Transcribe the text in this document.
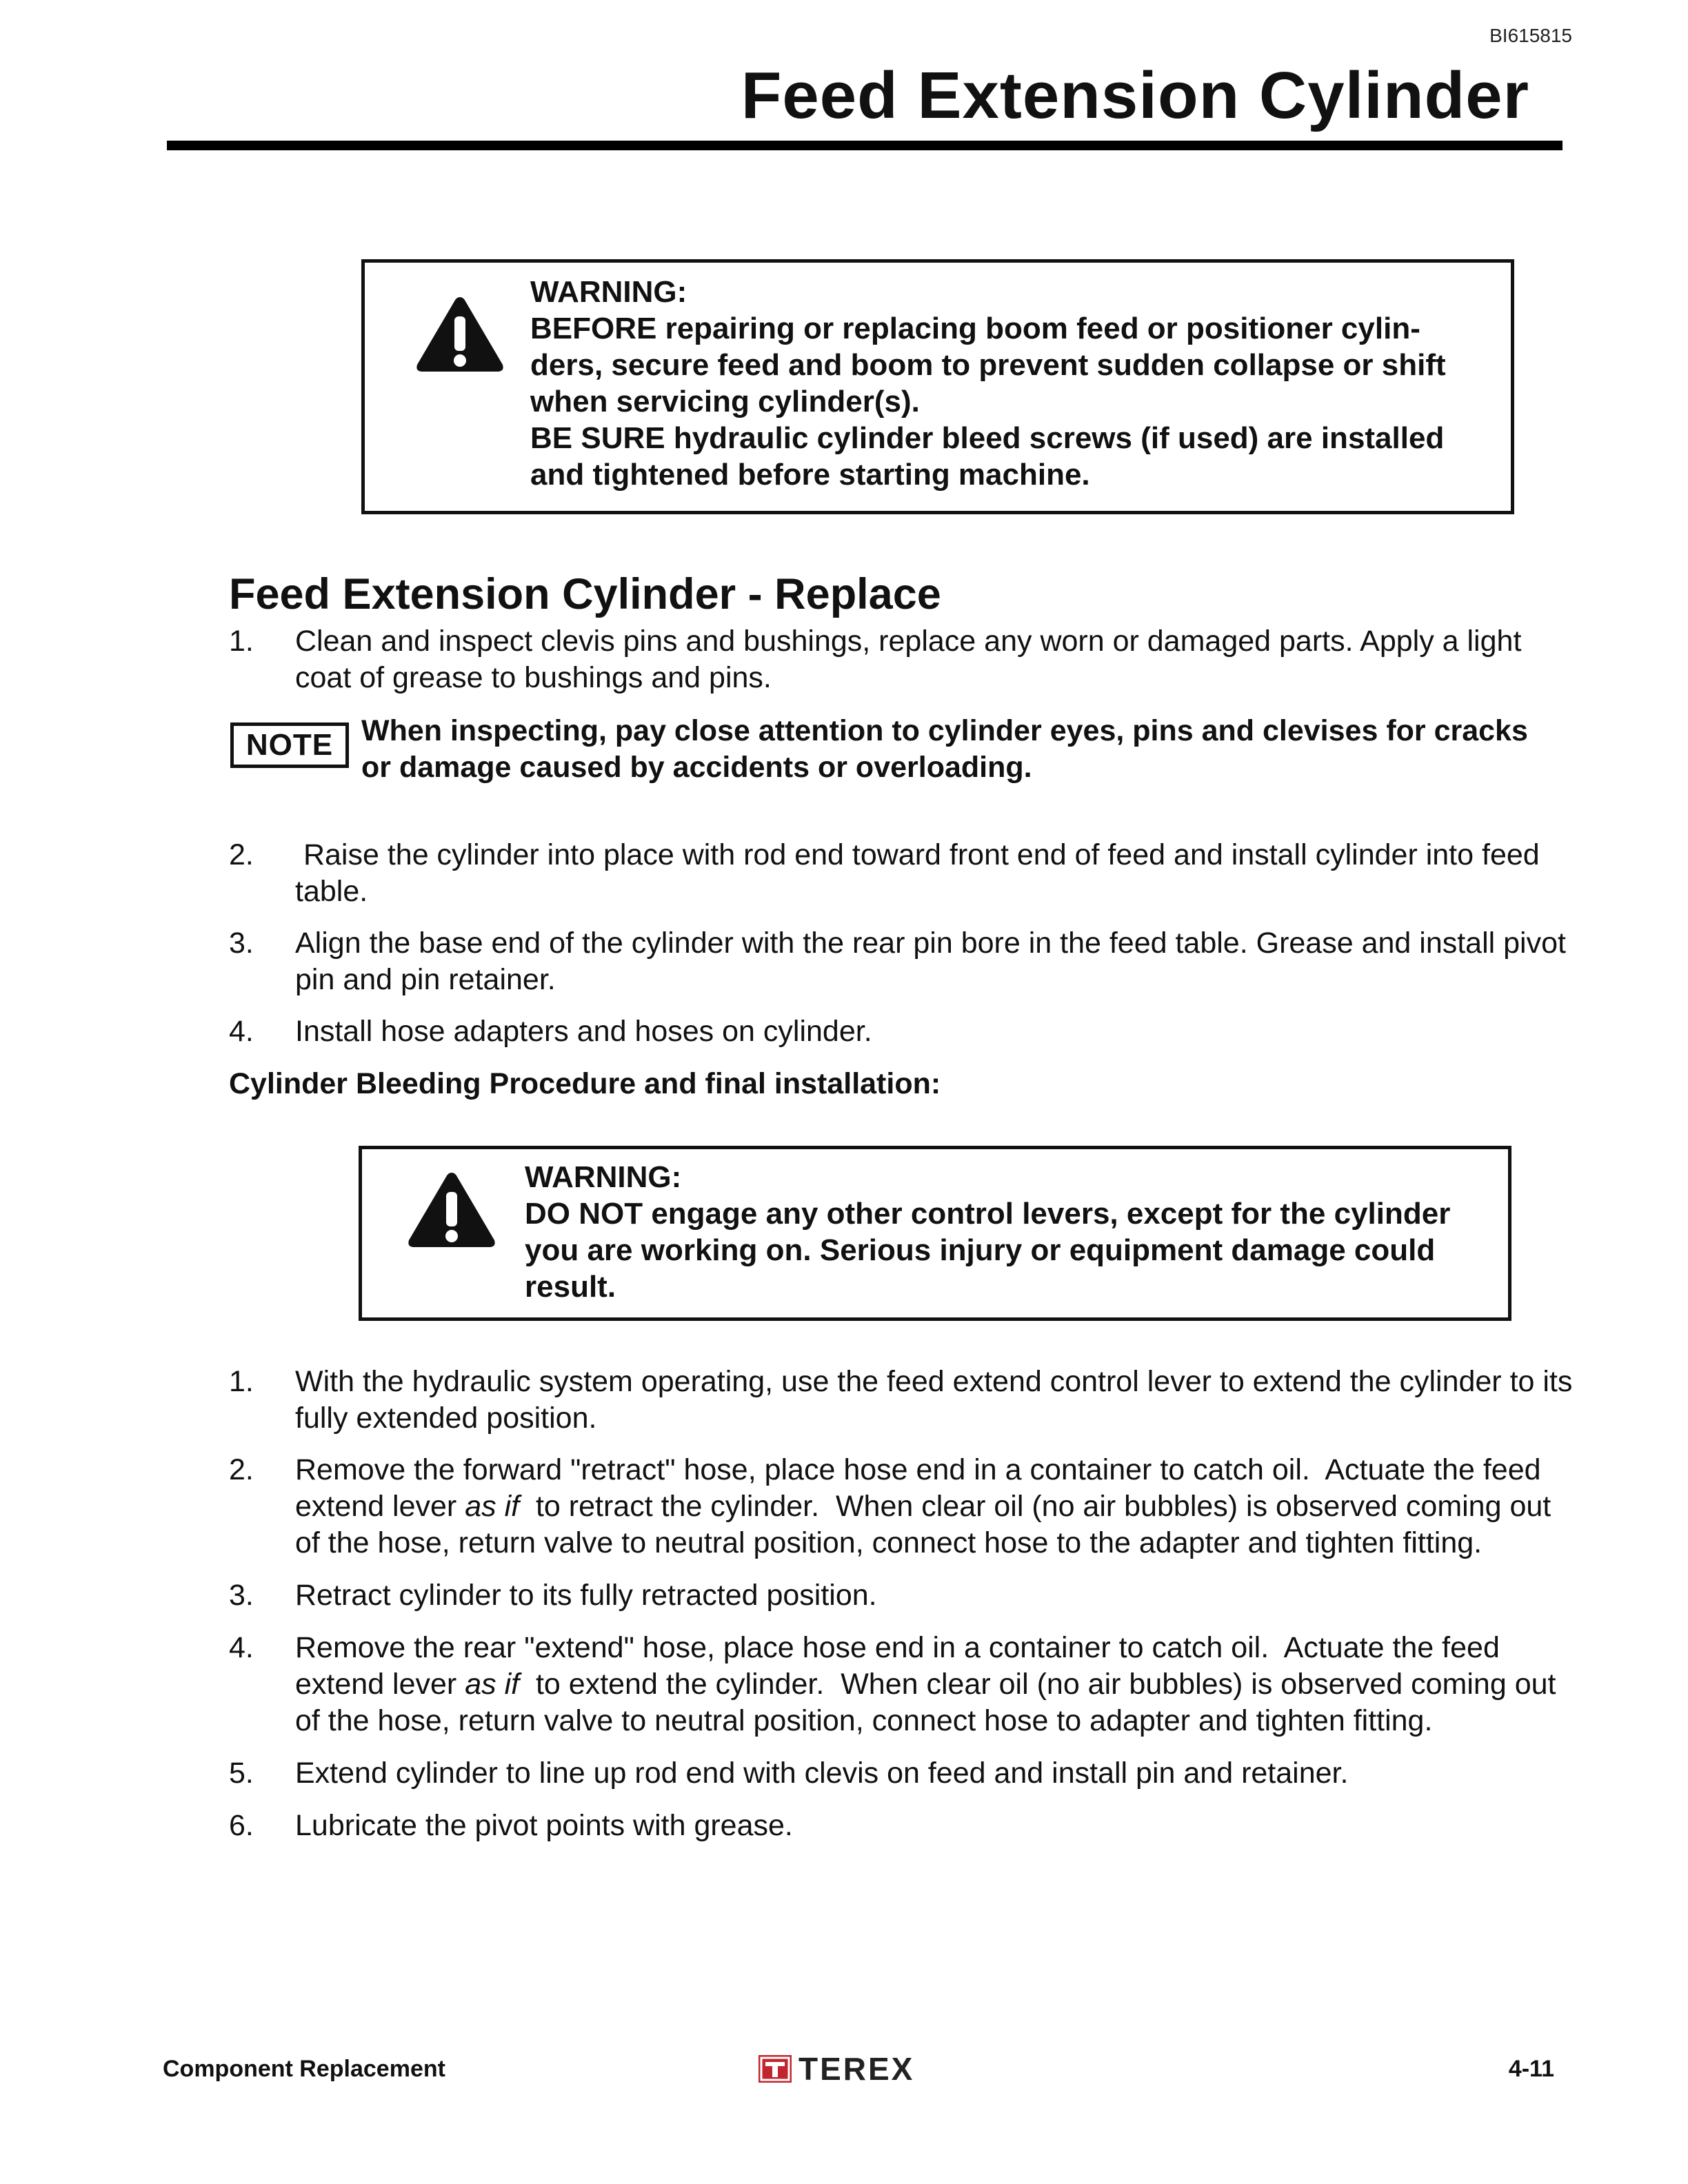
BI615815
Feed Extension Cylinder
WARNING:
BEFORE repairing or replacing boom feed or positioner cylin-
ders, secure feed and boom to prevent sudden collapse or shift
when servicing cylinder(s).
BE SURE hydraulic cylinder bleed screws (if used) are installed
and tightened before starting machine.
Feed Extension Cylinder - Replace
1.	Clean and inspect clevis pins and bushings, replace any worn or damaged parts. Apply a light coat of grease to bushings and pins.
NOTE When inspecting, pay close attention to cylinder eyes, pins and clevises for cracks or damage caused by accidents or overloading.
2.	Raise the cylinder into place with rod end toward front end of feed and install cylinder into feed table.
3.	Align the base end of the cylinder with the rear pin bore in the feed table. Grease and install pivot pin and pin retainer.
4.	Install hose adapters and hoses on cylinder.
Cylinder Bleeding Procedure and final installation:
WARNING:
DO NOT engage any other control levers, except for the cylinder
you are working on. Serious injury or equipment damage could
result.
1.	With the hydraulic system operating, use the feed extend control lever to extend the cylinder to its fully extended position.
2.	Remove the forward "retract" hose, place hose end in a container to catch oil.  Actuate the feed extend lever as if  to retract the cylinder.  When clear oil (no air bubbles) is observed coming out of the hose, return valve to neutral position, connect hose to the adapter and tighten fitting.
3.	Retract cylinder to its fully retracted position.
4.	Remove the rear "extend" hose, place hose end in a container to catch oil.  Actuate the feed extend lever as if  to extend the cylinder.  When clear oil (no air bubbles) is observed coming out of the hose, return valve to neutral position, connect hose to adapter and tighten fitting.
5.	Extend cylinder to line up rod end with clevis on feed and install pin and retainer.
6.	Lubricate the pivot points with grease.
Component Replacement	TEREX	4-11
